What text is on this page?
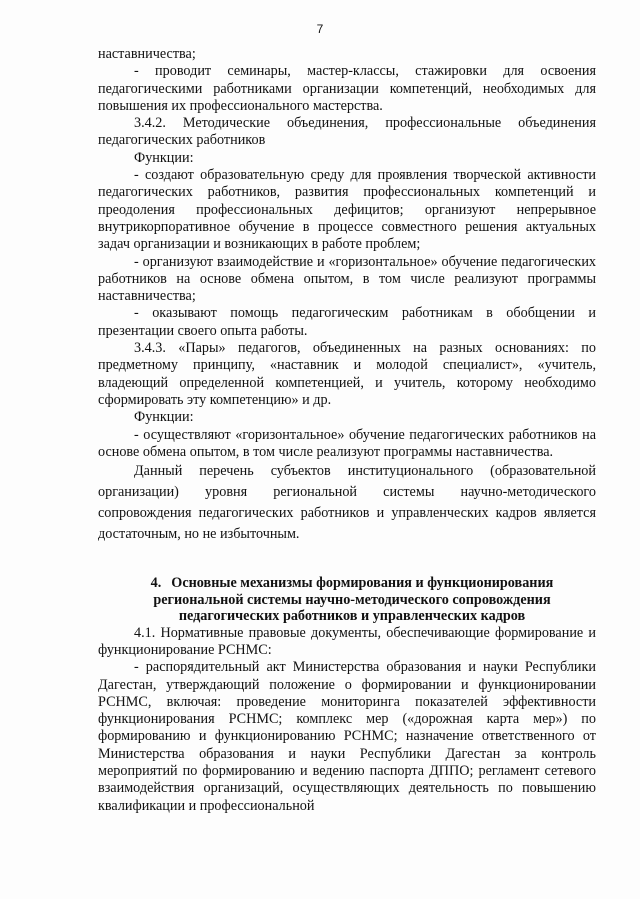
7

наставничества;

- проводит семинары, мастер-классы, стажировки для освоения педагогическими работниками организации компетенций, необходимых для повышения их профессионального мастерства.

3.4.2. Методические объединения, профессиональные объединения педагогических работников

Функции:

- создают образовательную среду для проявления творческой активности педагогических работников, развития профессиональных компетенций и преодоления профессиональных дефицитов; организуют непрерывное внутрикорпоративное обучение в процессе совместного решения актуальных задач организации и возникающих в работе проблем;

- организуют взаимодействие и «горизонтальное» обучение педагогических работников на основе обмена опытом, в том числе реализуют программы наставничества;

- оказывают помощь педагогическим работникам в обобщении и презентации своего опыта работы.

3.4.3. «Пары» педагогов, объединенных на разных основаниях: по предметному принципу, «наставник и молодой специалист», «учитель, владеющий определенной компетенцией, и учитель, которому необходимо сформировать эту компетенцию» и др.

Функции:

- осуществляют «горизонтальное» обучение педагогических работников на основе обмена опытом, в том числе реализуют программы наставничества.

Данный перечень субъектов институционального (образовательной организации) уровня региональной системы научно-методического сопровождения педагогических работников и управленческих кадров является достаточным, но не избыточным.

4. Основные механизмы формирования и функционирования региональной системы научно-методического сопровождения педагогических работников и управленческих кадров

4.1. Нормативные правовые документы, обеспечивающие формирование и функционирование РСНМС:

- распорядительный акт Министерства образования и науки Республики Дагестан, утверждающий положение о формировании и функционировании РСНМС, включая: проведение мониторинга показателей эффективности функционирования РСНМС; комплекс мер («дорожная карта мер») по формированию и функционированию РСНМС; назначение ответственного от Министерства образования и науки Республики Дагестан за контроль мероприятий по формированию и ведению паспорта ДППО; регламент сетевого взаимодействия организаций, осуществляющих деятельность по повышению квалификации и профессиональной
